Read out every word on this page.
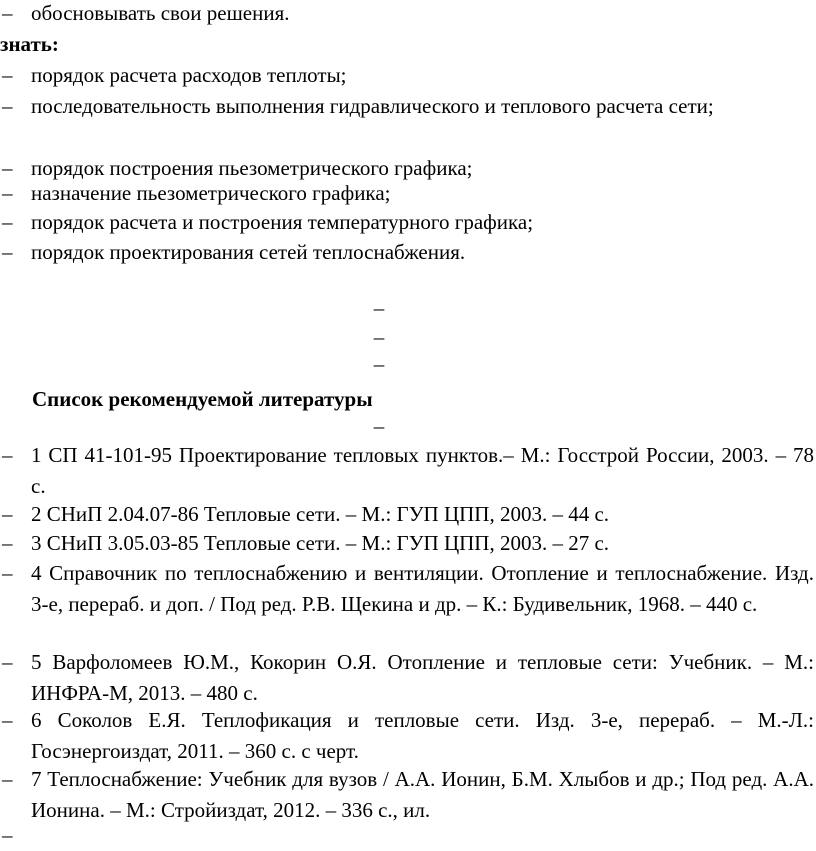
– обосновывать свои решения.
знать:
– порядок расчета расходов теплоты;
– последовательность выполнения гидравлического и теплового расчета сети;
– порядок построения пьезометрического графика;
– назначение пьезометрического графика;
– порядок расчета и построения температурного графика;
– порядок проектирования сетей теплоснабжения.
–
–
–
Список рекомендуемой литературы
–
– 1 СП 41-101-95 Проектирование тепловых пунктов.– М.: Госстрой России, 2003. – 78 с.
– 2 СНиП 2.04.07-86 Тепловые сети. – М.: ГУП ЦПП, 2003. – 44 с.
– 3 СНиП 3.05.03-85 Тепловые сети. – М.: ГУП ЦПП, 2003. – 27 с.
– 4 Справочник по теплоснабжению и вентиляции. Отопление и теплоснабжение. Изд. 3-е, перераб. и доп. / Под ред. Р.В. Щекина и др. – К.: Будивельник, 1968. – 440 с.
– 5 Варфоломеев Ю.М., Кокорин О.Я. Отопление и тепловые сети: Учебник. – М.: ИНФРА-М, 2013. – 480 с.
– 6 Соколов Е.Я. Теплофикация и тепловые сети. Изд. 3-е, перераб. – М.-Л.: Госэнергоиздат, 2011. – 360 с. с черт.
– 7 Теплоснабжение: Учебник для вузов / А.А. Ионин, Б.М. Хлыбов и др.; Под ред. А.А. Ионина. – М.: Стройиздат, 2012. – 336 с., ил.
–
